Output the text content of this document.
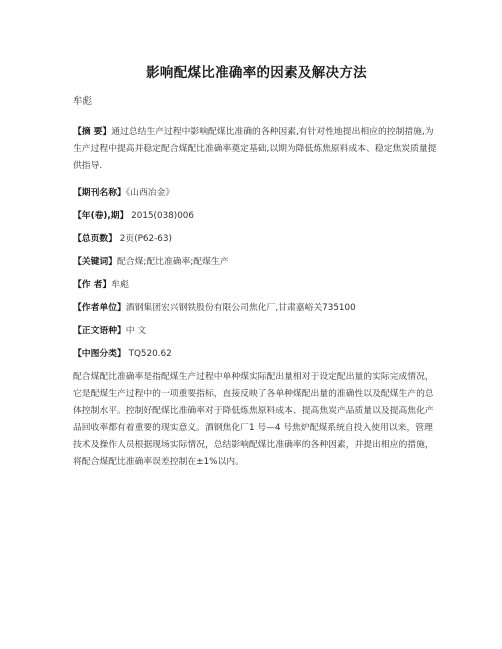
影响配煤比准确率的因素及解决方法
牟彪
【摘 要】通过总结生产过程中影响配煤比准确的各种因素,有针对性地提出相应的控制措施,为生产过程中提高并稳定配合煤配比准确率奠定基础,以期为降低炼焦原料成本、稳定焦炭质量提供指导.
【期刊名称】《山西冶金》
【年(卷),期】 2015(038)006
【总页数】 2页(P62-63)
【关键词】配合煤;配比准确率;配煤生产
【作 者】牟彪
【作者单位】酒钢集团宏兴钢铁股份有限公司焦化厂,甘肃嘉峪关735100
【正文语种】中 文
【中图分类】 TQ520.62
配合煤配比准确率是指配煤生产过程中单种煤实际配出量相对于设定配出量的实际完成情况，它是配煤生产过程中的一项重要指标，直接反映了各单种煤配出量的准确性以及配煤生产的总体控制水平。控制好配煤比准确率对于降低炼焦原料成本、提高焦炭产品质量以及提高焦化产品回收率都有着重要的现实意义。酒钢焦化厂1 号—4 号焦炉配煤系统自投入使用以来，管理技术及操作人员根据现场实际情况，总结影响配煤比准确率的各种因素，并提出相应的措施，将配合煤配比准确率误差控制在±1%以内。
